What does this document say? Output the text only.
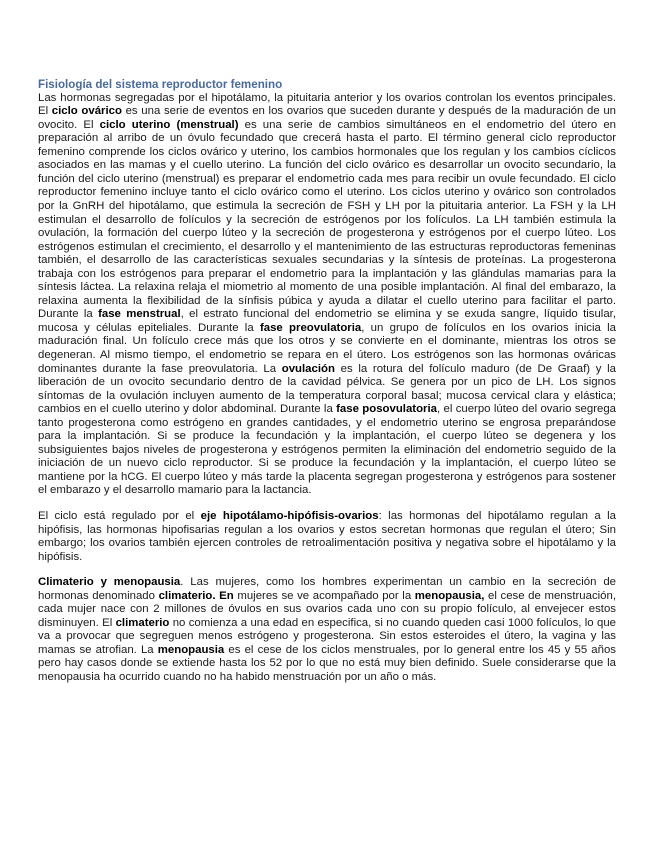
Fisiología del sistema reproductor femenino

Las hormonas segregadas por el hipotálamo, la pituitaria anterior y los ovarios controlan los eventos principales. El ciclo ovárico es una serie de eventos en los ovarios que suceden durante y después de la maduración de un ovocito. El ciclo uterino (menstrual) es una serie de cambios simultáneos en el endometrio del útero en preparación al arribo de un óvulo fecundado que crecerá hasta el parto. El término general ciclo reproductor femenino comprende los ciclos ovárico y uterino, los cambios hormonales que los regulan y los cambios cíclicos asociados en las mamas y el cuello uterino. La función del ciclo ovárico es desarrollar un ovocito secundario, la función del ciclo uterino (menstrual) es preparar el endometrio cada mes para recibir un ovule fecundado. El ciclo reproductor femenino incluye tanto el ciclo ovárico como el uterino. Los ciclos uterino y ovárico son controlados por la GnRH del hipotálamo, que estimula la secreción de FSH y LH por la pituitaria anterior. La FSH y la LH estimulan el desarrollo de folículos y la secreción de estrógenos por los folículos. La LH también estimula la ovulación, la formación del cuerpo lúteo y la secreción de progesterona y estrógenos por el cuerpo lúteo. Los estrógenos estimulan el crecimiento, el desarrollo y el mantenimiento de las estructuras reproductoras femeninas también, el desarrollo de las características sexuales secundarias y la síntesis de proteínas. La progesterona trabaja con los estrógenos para preparar el endometrio para la implantación y las glándulas mamarias para la síntesis láctea. La relaxina relaja el miometrio al momento de una posible implantación. Al final del embarazo, la relaxina aumenta la flexibilidad de la sínfisis púbica y ayuda a dilatar el cuello uterino para facilitar el parto. Durante la fase menstrual, el estrato funcional del endometrio se elimina y se exuda sangre, líquido tisular, mucosa y células epiteliales. Durante la fase preovulatoria, un grupo de folículos en los ovarios inicia la maduración final. Un folículo crece más que los otros y se convierte en el dominante, mientras los otros se degeneran. Al mismo tiempo, el endometrio se repara en el útero. Los estrógenos son las hormonas ováricas dominantes durante la fase preovulatoria. La ovulación es la rotura del folículo maduro (de De Graaf) y la liberación de un ovocito secundario dentro de la cavidad pélvica. Se genera por un pico de LH. Los signos síntomas de la ovulación incluyen aumento de la temperatura corporal basal; mucosa cervical clara y elástica; cambios en el cuello uterino y dolor abdominal. Durante la fase posovulatoria, el cuerpo lúteo del ovario segrega tanto progesterona como estrógeno en grandes cantidades, y el endometrio uterino se engrosa preparándose para la implantación. Si se produce la fecundación y la implantación, el cuerpo lúteo se degenera y los subsiguientes bajos niveles de progesterona y estrógenos permiten la eliminación del endometrio seguido de la iniciación de un nuevo ciclo reproductor. Si se produce la fecundación y la implantación, el cuerpo lúteo se mantiene por la hCG. El cuerpo lúteo y más tarde la placenta segregan progesterona y estrógenos para sostener el embarazo y el desarrollo mamario para la lactancia.

El ciclo está regulado por el eje hipotálamo-hipófisis-ovarios: las hormonas del hipotálamo regulan a la hipófisis, las hormonas hipofisarias regulan a los ovarios y estos secretan hormonas que regulan el útero; Sin embargo; los ovarios también ejercen controles de retroalimentación positiva y negativa sobre el hipotálamo y la hipófisis.

Climaterio y menopausia. Las mujeres, como los hombres experimentan un cambio en la secreción de hormonas denominado climaterio. En mujeres se ve acompañado por la menopausia, el cese de menstruación, cada mujer nace con 2 millones de óvulos en sus ovarios cada uno con su propio folículo, al envejecer estos disminuyen. El climaterio no comienza a una edad en especifica, si no cuando queden casi 1000 folículos, lo que va a provocar que segreguen menos estrógeno y progesterona. Sin estos esteroides el útero, la vagina y las mamas se atrofian. La menopausia es el cese de los ciclos menstruales, por lo general entre los 45 y 55 años pero hay casos donde se extiende hasta los 52 por lo que no está muy bien definido. Suele considerarse que la menopausia ha ocurrido cuando no ha habido menstruación por un año o más.
